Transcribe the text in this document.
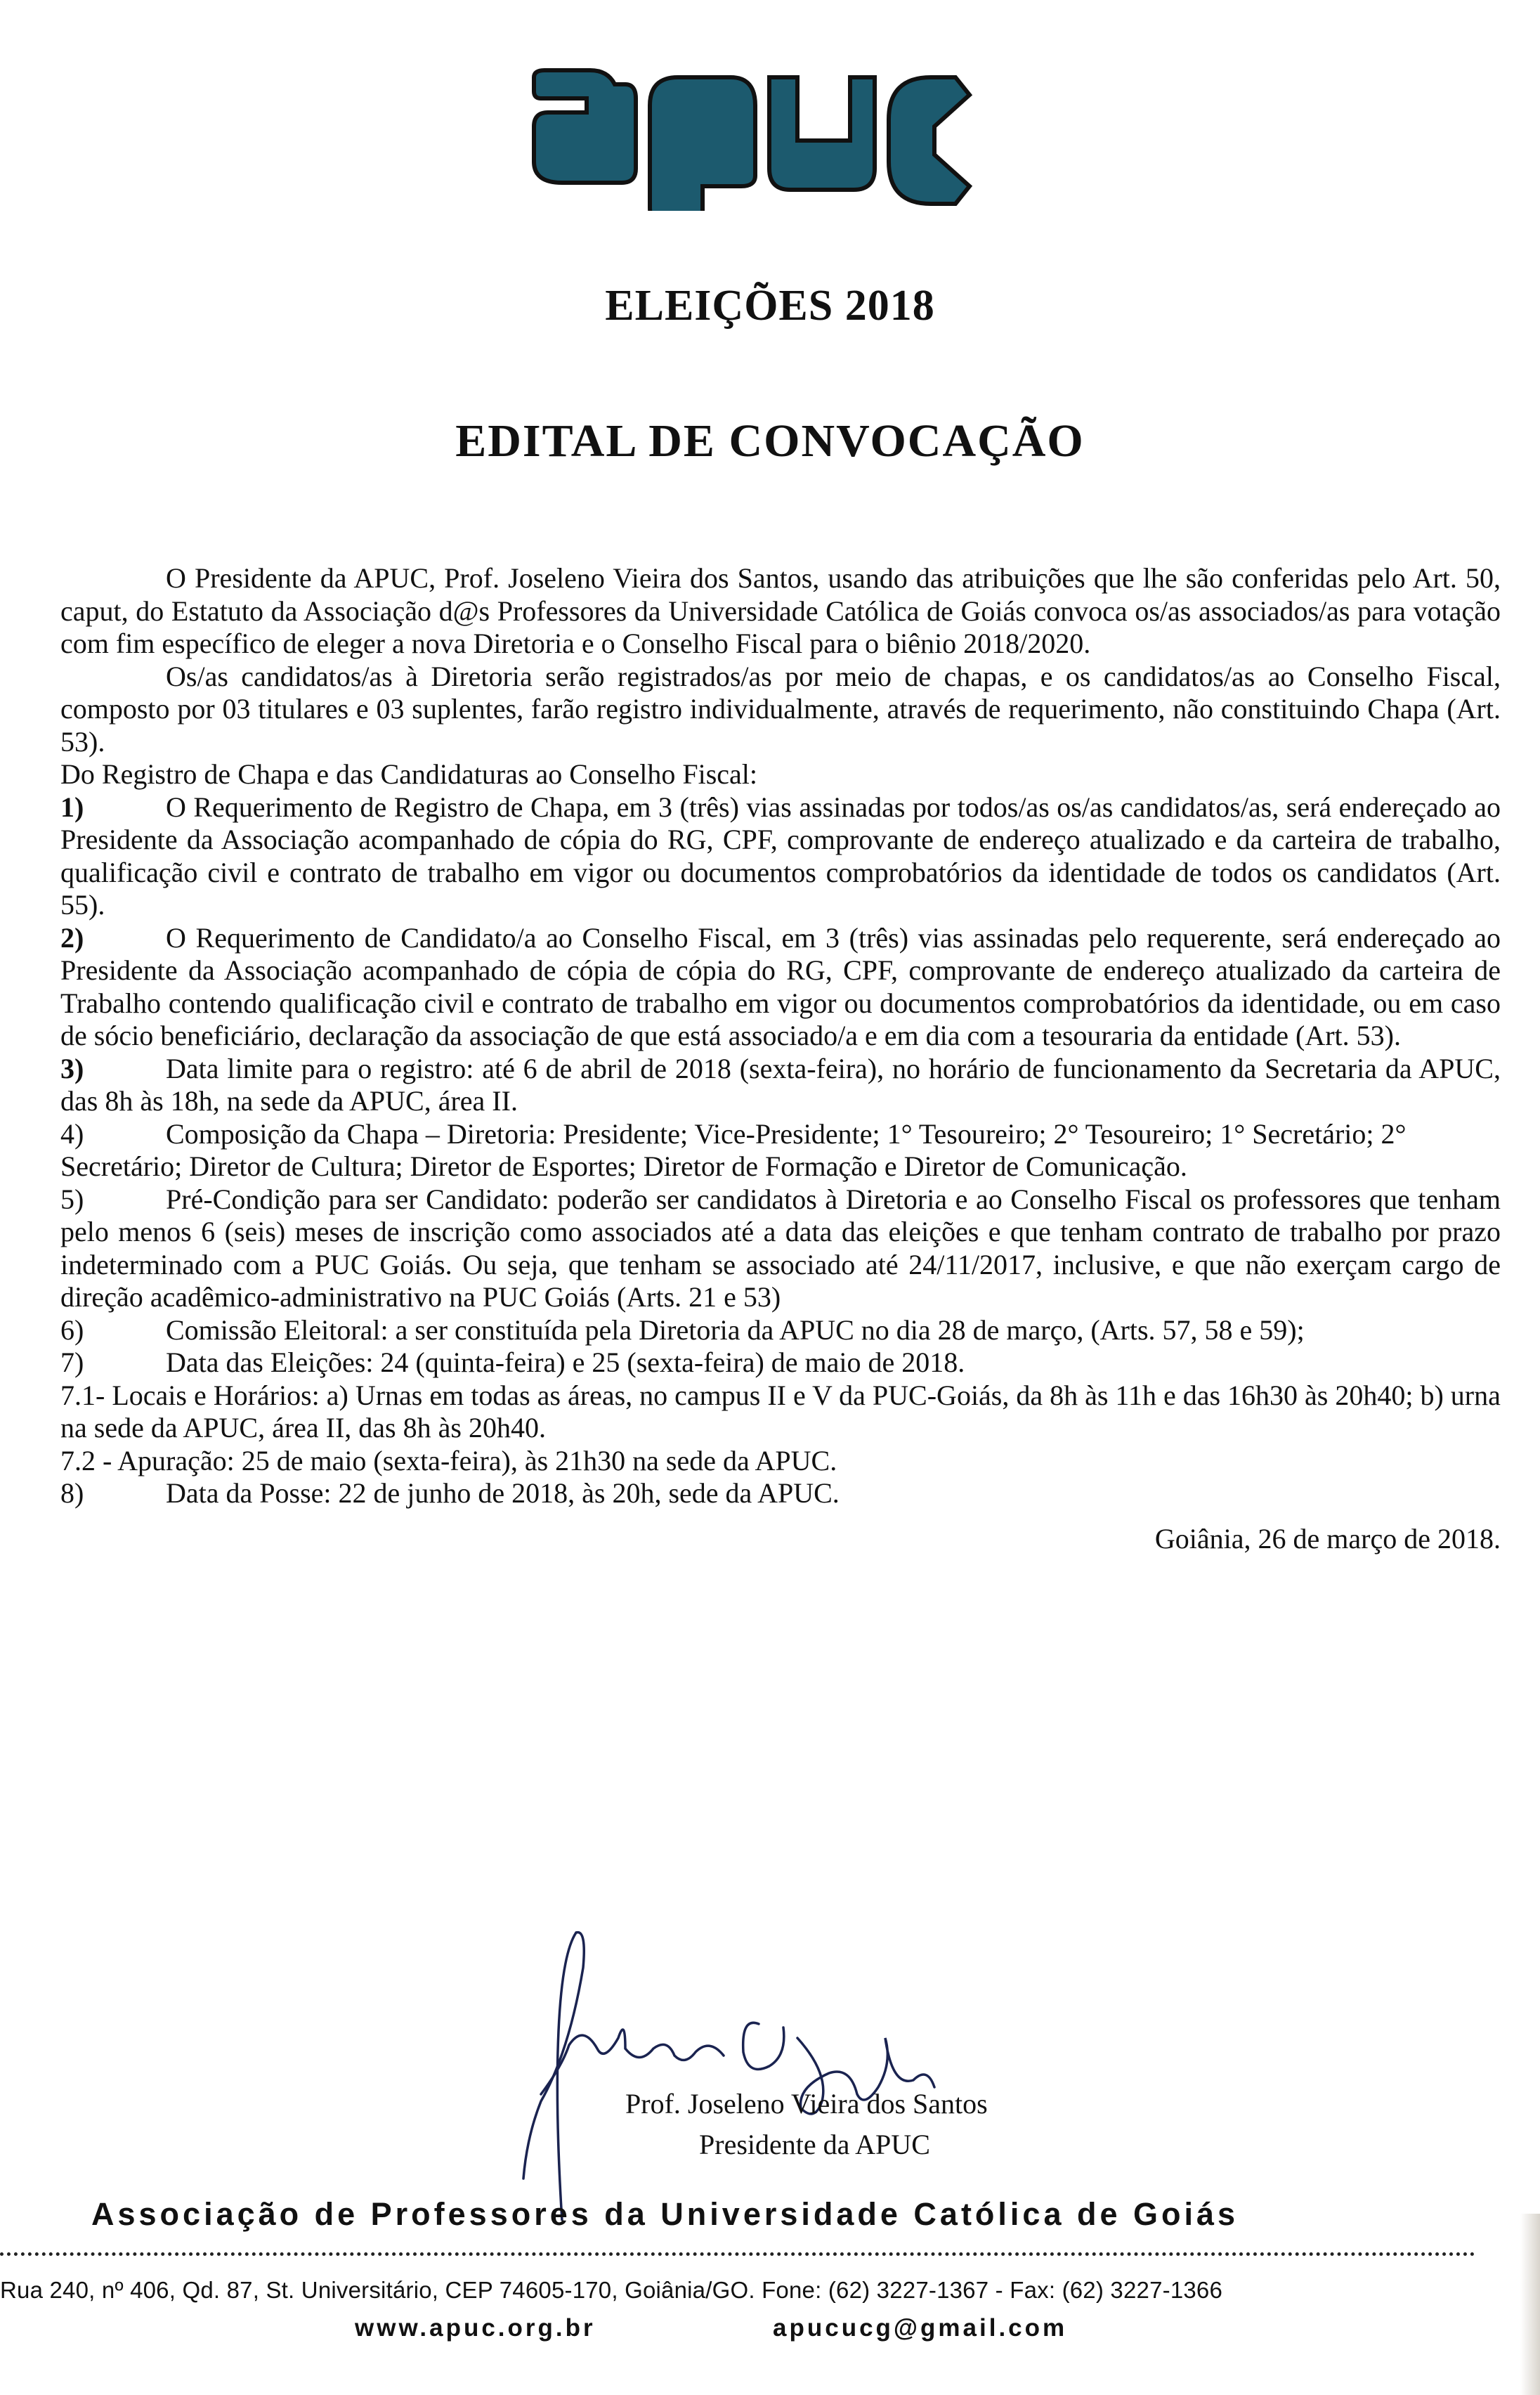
ELEIÇÕES 2018
EDITAL DE CONVOCAÇÃO

O Presidente da APUC, Prof. Joseleno Vieira dos Santos, usando das atribuições que lhe são conferidas pelo Art. 50, caput, do Estatuto da Associação d@s Professores da Universidade Católica de Goiás convoca os/as associados/as para votação com fim específico de eleger a nova Diretoria e o Conselho Fiscal para o biênio 2018/2020.

Os/as candidatos/as à Diretoria serão registrados/as por meio de chapas, e os candidatos/as ao Conselho Fiscal, composto por 03 titulares e 03 suplentes, farão registro individualmente, através de requerimento, não constituindo Chapa (Art. 53).

Do Registro de Chapa e das Candidaturas ao Conselho Fiscal:

1)	O Requerimento de Registro de Chapa, em 3 (três) vias assinadas por todos/as os/as candidatos/as, será endereçado ao Presidente da Associação acompanhado de cópia do RG, CPF, comprovante de endereço atualizado e da carteira de trabalho, qualificação civil e contrato de trabalho em vigor ou documentos comprobatórios da identidade de todos os candidatos (Art. 55).

2)	O Requerimento de Candidato/a ao Conselho Fiscal, em 3 (três) vias assinadas pelo requerente, será endereçado ao Presidente da Associação acompanhado de cópia de cópia do RG, CPF, comprovante de endereço atualizado da carteira de Trabalho contendo qualificação civil e contrato de trabalho em vigor ou documentos comprobatórios da identidade, ou em caso de sócio beneficiário, declaração da associação de que está associado/a e em dia com a tesouraria da entidade (Art. 53).

3)	Data limite para o registro: até 6 de abril de 2018 (sexta-feira), no horário de funcionamento da Secretaria da APUC, das 8h às 18h, na sede da APUC, área II.

4)	Composição da Chapa – Diretoria: Presidente; Vice-Presidente; 1° Tesoureiro; 2° Tesoureiro; 1° Secretário; 2° Secretário; Diretor de Cultura; Diretor de Esportes; Diretor de Formação e Diretor de Comunicação.

5)	Pré-Condição para ser Candidato: poderão ser candidatos à Diretoria e ao Conselho Fiscal os professores que tenham pelo menos 6 (seis) meses de inscrição como associados até a data das eleições e que tenham contrato de trabalho por prazo indeterminado com a PUC Goiás. Ou seja, que tenham se associado até 24/11/2017, inclusive, e que não exerçam cargo de direção acadêmico-administrativo na PUC Goiás (Arts. 21 e 53)

6)	Comissão Eleitoral: a ser constituída pela Diretoria da APUC no dia 28 de março, (Arts. 57, 58 e 59);

7)	Data das Eleições: 24 (quinta-feira) e 25 (sexta-feira) de maio de 2018.

7.1- Locais e Horários: a) Urnas em todas as áreas, no campus II e V da PUC-Goiás, da 8h às 11h e das 16h30 às 20h40; b) urna na sede da APUC, área II, das 8h às 20h40.

7.2 - Apuração: 25 de maio (sexta-feira), às 21h30 na sede da APUC.

8)	Data da Posse: 22 de junho de 2018, às 20h, sede da APUC.

Goiânia, 26 de março de 2018.

Prof. Joseleno Vieira dos Santos
Presidente da APUC
Associação de Professores da Universidade Católica de Goiás
Rua 240, nº 406, Qd. 87, St. Universitário, CEP 74605-170, Goiânia/GO. Fone: (62) 3227-1367 - Fax: (62) 3227-1366
www.apuc.org.br	apucucg@gmail.com
